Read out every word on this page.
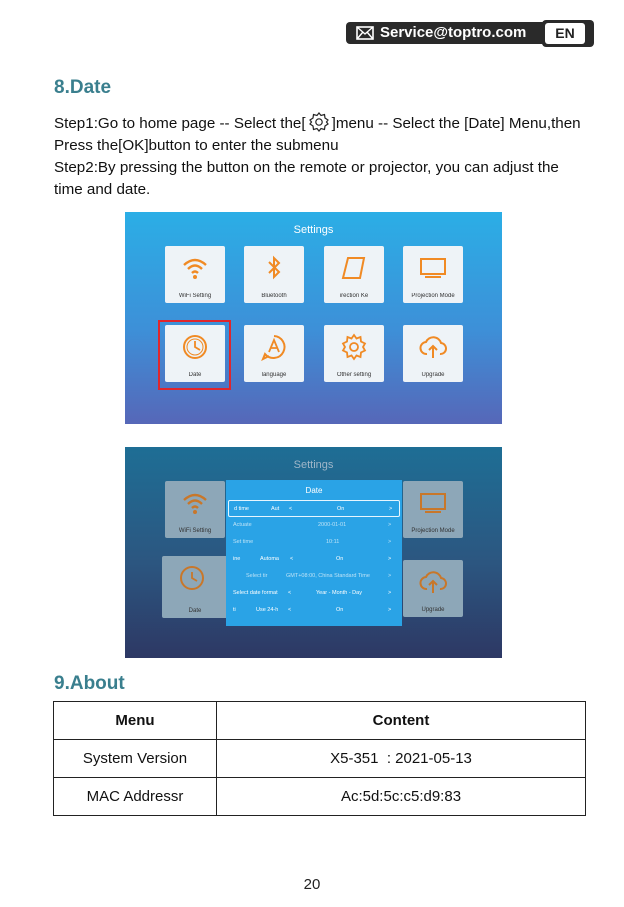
Service@toptro.com	EN
8.Date
Step1:Go to home page -- Select the[ ]menu -- Select the [Date] Menu,then Press the[OK]button to enter the submenu
Step2:By pressing the button on the remote or projector, you can adjust the time and date.
Settings
WiFi Setting	Bluetooth	irection Ke	Projection Mode
Date	language	Other setting	Upgrade
Settings
WiFi Setting	Projection Mode
Date	Upgrade
Date
d time	Aut <	On	>
Actuate	2000-01-01	>
Set time	10:11	>
ine	Automa <	On	>
Select tir	GMT+08:00, China Standard Time	>
Select date format <	Year - Month - Day	>
ti	Use 24-h <	On	>
9.About
Menu	Content
System Version	X5-351  : 2021-05-13
MAC Addressr	Ac:5d:5c:c5:d9:83
20
